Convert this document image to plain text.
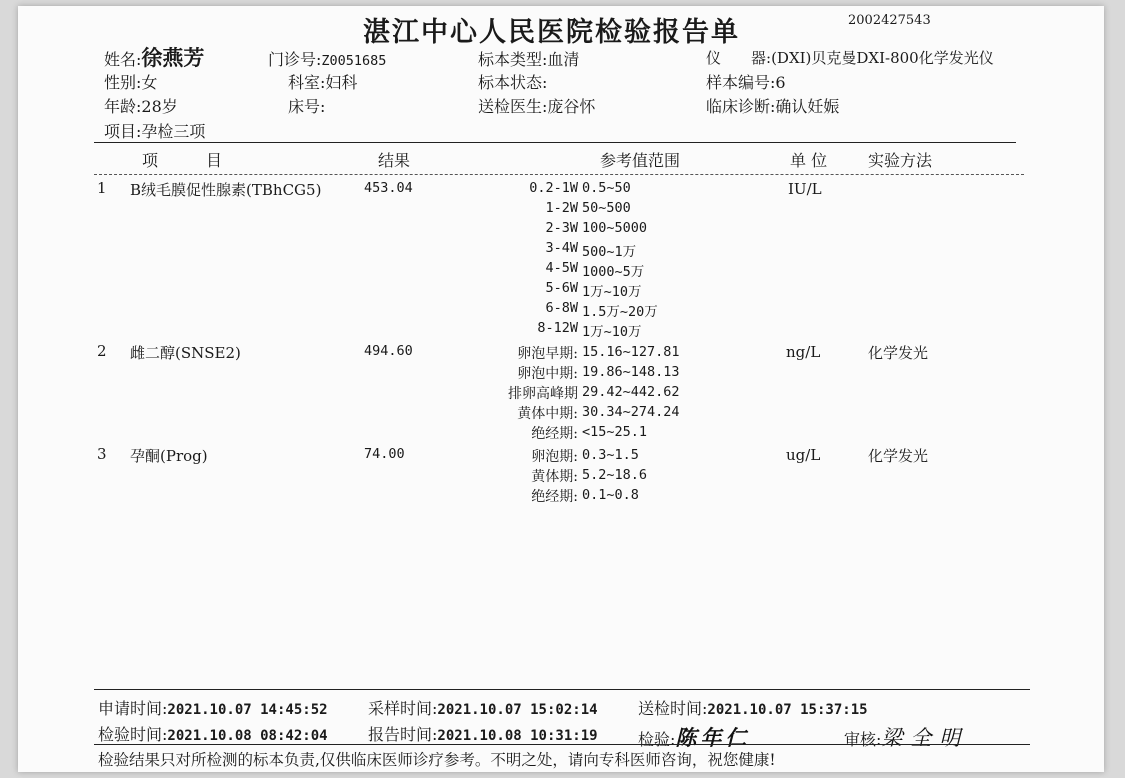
湛江中心人民医院检验报告单	2002427543
姓名:徐燕芳
性别:女
年龄:28岁
项目:孕检三项
门诊号:Z0051685
科室:妇科
床号:
标本类型:血清
标本状态:
送检医生:庞谷怀
仪　　器:(DXI)贝克曼DXI-800化学发光仪
样本编号:6
临床诊断:确认妊娠
项　　　目	结果	参考值范围	单 位	实验方法
1 B绒毛膜促性腺素(TBhCG5)	453.04	IU/L
0.2-1W 0.5~50
1-2W 50~500
2-3W 100~5000
3-4W 500~1万
4-5W 1000~5万
5-6W 1万~10万
6-8W 1.5万~20万
8-12W 1万~10万
2 雌二醇(SNSE2)	494.60	ng/L	化学发光
卵泡早期: 15.16~127.81
卵泡中期: 19.86~148.13
排卵高峰期 29.42~442.62
黄体中期: 30.34~274.24
绝经期: <15~25.1
3 孕酮(Prog)	74.00	ug/L	化学发光
卵泡期: 0.3~1.5
黄体期: 5.2~18.6
绝经期: 0.1~0.8
申请时间:2021.10.07 14:45:52	采样时间:2021.10.07 15:02:14	送检时间:2021.10.07 15:37:15
检验时间:2021.10.08 08:42:04	报告时间:2021.10.08 10:31:19	检验:陈年仁	审核:梁全明
检验结果只对所检测的标本负责,仅供临床医师诊疗参考。不明之处，请向专科医师咨询，祝您健康!
